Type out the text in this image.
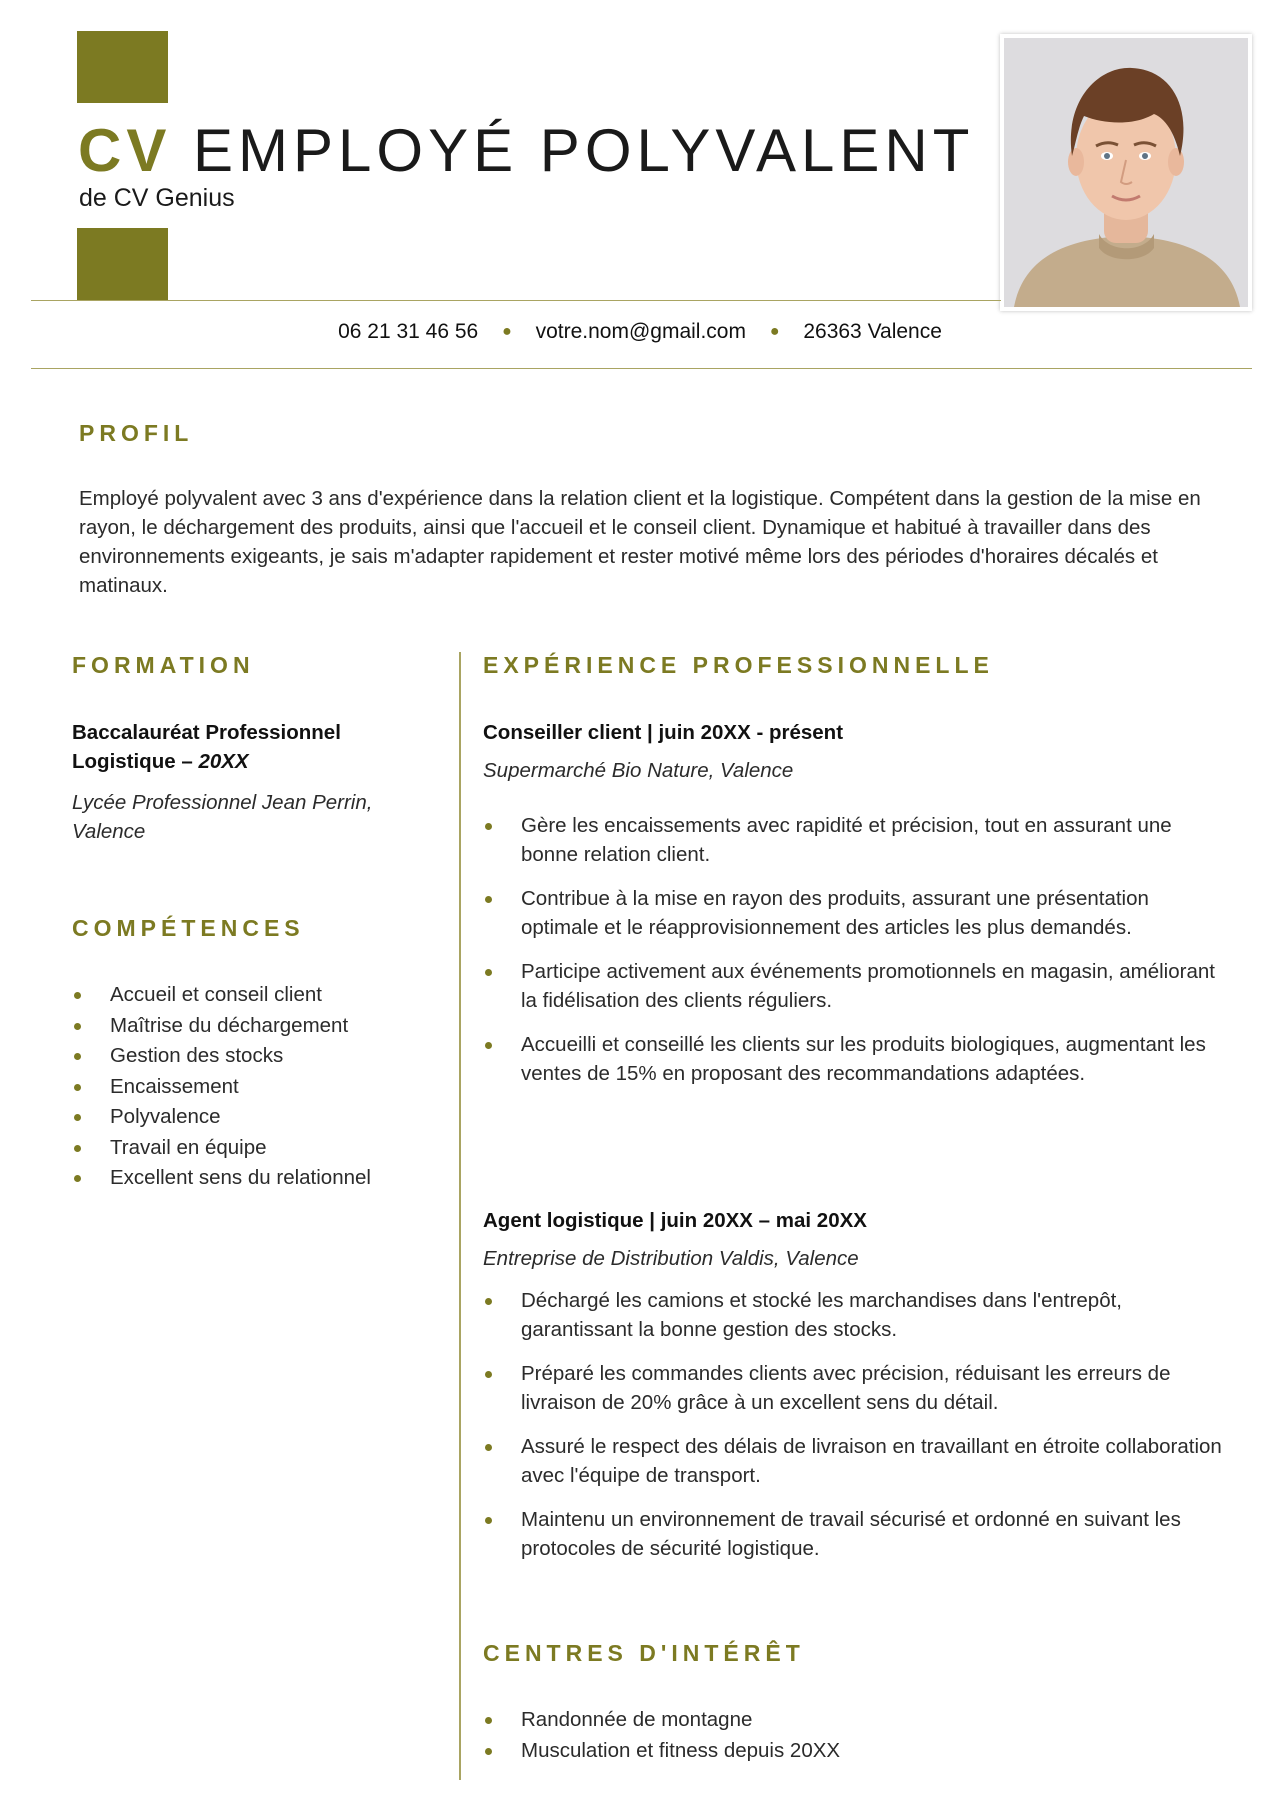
CV EMPLOYÉ POLYVALENT
de CV Genius
06 21 31 46 56 ● votre.nom@gmail.com ● 26363 Valence
PROFIL
Employé polyvalent avec 3 ans d'expérience dans la relation client et la logistique. Compétent dans la gestion de la mise en rayon, le déchargement des produits, ainsi que l'accueil et le conseil client. Dynamique et habitué à travailler dans des environnements exigeants, je sais m'adapter rapidement et rester motivé même lors des périodes d'horaires décalés et matinaux.
FORMATION
Baccalauréat Professionnel Logistique – 20XX
Lycée Professionnel Jean Perrin, Valence
COMPÉTENCES
Accueil et conseil client
Maîtrise du déchargement
Gestion des stocks
Encaissement
Polyvalence
Travail en équipe
Excellent sens du relationnel
EXPÉRIENCE PROFESSIONNELLE
Conseiller client | juin 20XX - présent
Supermarché Bio Nature, Valence
Gère les encaissements avec rapidité et précision, tout en assurant une bonne relation client.
Contribue à la mise en rayon des produits, assurant une présentation optimale et le réapprovisionnement des articles les plus demandés.
Participe activement aux événements promotionnels en magasin, améliorant la fidélisation des clients réguliers.
Accueilli et conseillé les clients sur les produits biologiques, augmentant les ventes de 15% en proposant des recommandations adaptées.
Agent logistique | juin 20XX – mai 20XX
Entreprise de Distribution Valdis, Valence
Déchargé les camions et stocké les marchandises dans l'entrepôt, garantissant la bonne gestion des stocks.
Préparé les commandes clients avec précision, réduisant les erreurs de livraison de 20% grâce à un excellent sens du détail.
Assuré le respect des délais de livraison en travaillant en étroite collaboration avec l'équipe de transport.
Maintenu un environnement de travail sécurisé et ordonné en suivant les protocoles de sécurité logistique.
CENTRES D'INTÉRÊT
Randonnée de montagne
Musculation et fitness depuis 20XX
